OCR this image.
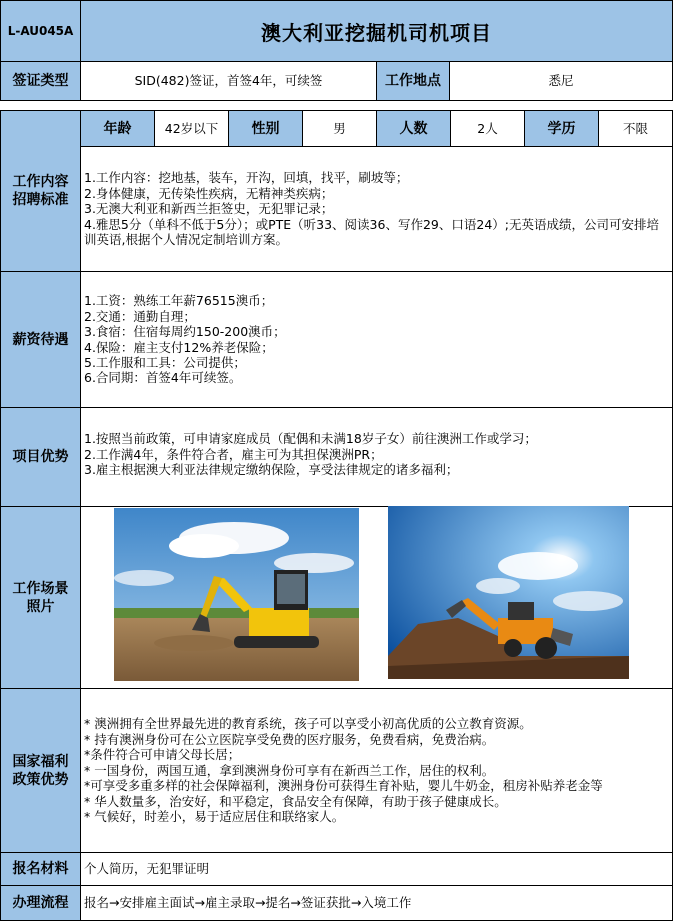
L-AU045A	澳大利亚挖掘机司机项目
签证类型	SID(482)签证，首签4年，可续签	工作地点	悉尼
工作内容
招聘标准
年龄	42岁以下 性别	男	人数	2人	学历	不限
1.工作内容：挖地基，装车，开沟，回填，找平，刷坡等；
2.身体健康，无传染性疾病，无精神类疾病；
3.无澳大利亚和新西兰拒签史，无犯罪记录；
4.雅思5分（单科不低于5分）；或PTE（听33、阅读36、写作29、口语24）;无英语成绩，公司可安排培训英语,根据个人情况定制培训方案。
薪资待遇
1.工资：熟练工年薪76515澳币；
2.交通：通勤自理；
3.食宿：住宿每周约150-200澳币；
4.保险：雇主支付12%养老保险；
5.工作服和工具：公司提供；
6.合同期：首签4年可续签。
项目优势
1.按照当前政策，可申请家庭成员（配偶和未满18岁子女）前往澳洲工作或学习；
2.工作满4年，条件符合者，雇主可为其担保澳洲PR；
3.雇主根据澳大利亚法律规定缴纳保险，享受法律规定的诸多福利；
工作场景
照片
国家福利
政策优势
* 澳洲拥有全世界最先进的教育系统，孩子可以享受小初高优质的公立教育资源。
* 持有澳洲身份可在公立医院享受免费的医疗服务，免费看病，免费治病。
*条件符合可申请父母长居；
* 一国身份，两国互通，拿到澳洲身份可享有在新西兰工作，居住的权利。
*可享受多重多样的社会保障福利，澳洲身份可获得生育补贴，婴儿牛奶金，租房补贴养老金等
* 华人数量多，治安好，和平稳定，食品安全有保障，有助于孩子健康成长。
* 气候好，时差小，易于适应居住和联络家人。
报名材料 个人简历，无犯罪证明
办理流程 报名→安排雇主面试→雇主录取→提名→签证获批→入境工作
